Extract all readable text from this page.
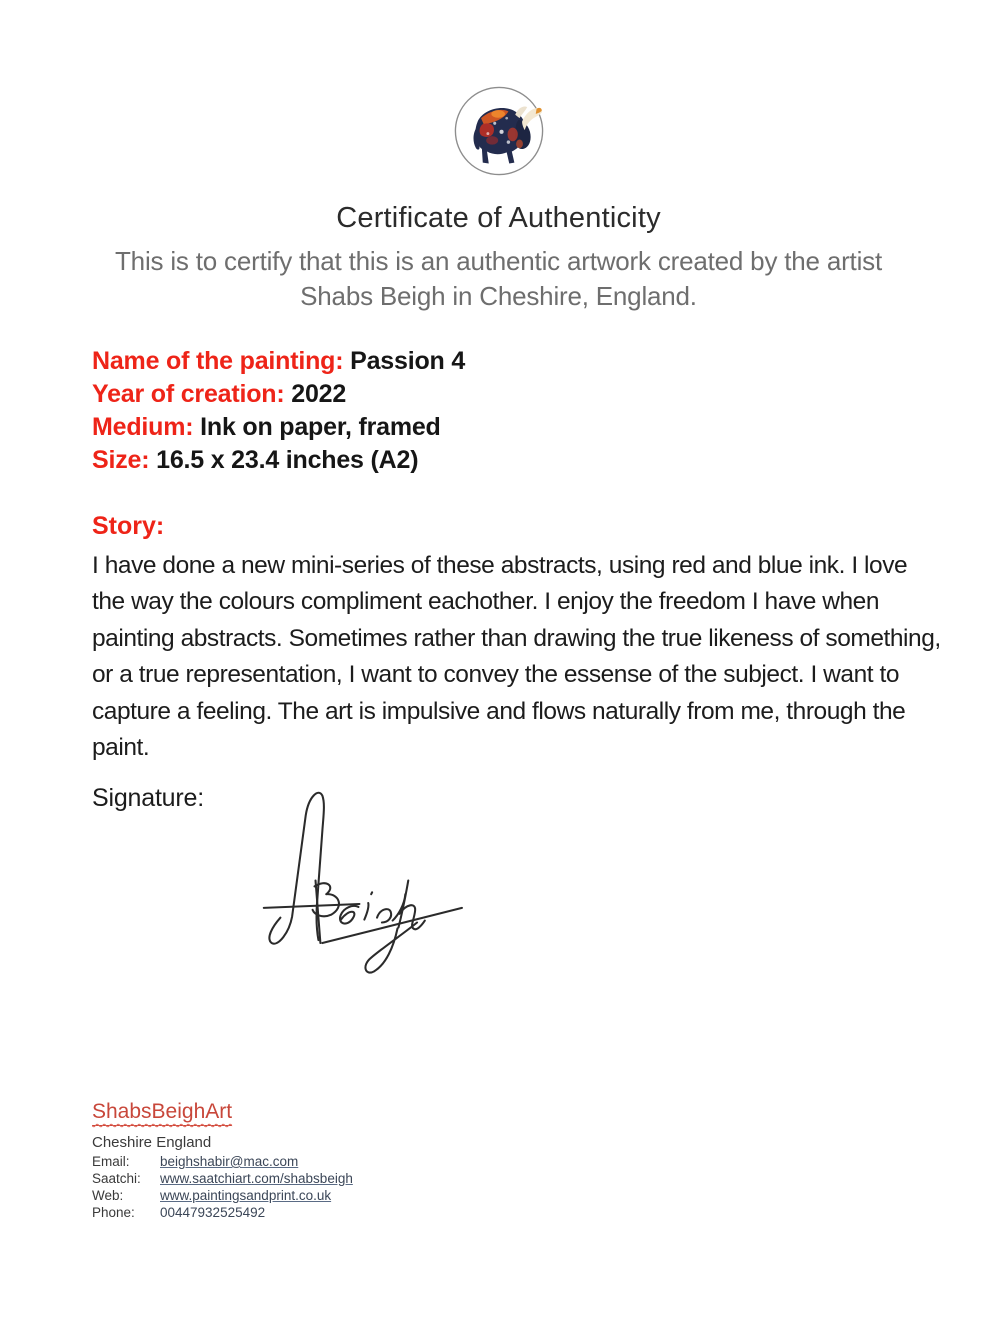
Certificate of Authenticity
This is to certify that this is an authentic artwork created by the artist
Shabs Beigh in Cheshire, England.
Name of the painting: Passion 4
Year of creation: 2022
Medium: Ink on paper, framed
Size: 16.5 x 23.4 inches (A2)
Story:
I have done a new mini-series of these abstracts, using red and blue ink. I love the way the colours compliment eachother. I enjoy the freedom I have when painting abstracts. Sometimes rather than drawing the true likeness of something, or a true representation, I want to convey the essense of the subject. I want to capture a feeling. The art is impulsive and flows naturally from me, through the paint.
Signature:
ShabsBeighArt
Cheshire England
Email:	beighshabir@mac.com
Saatchi:	www.saatchiart.com/shabsbeigh
Web:	www.paintingsandprint.co.uk
Phone:	00447932525492
